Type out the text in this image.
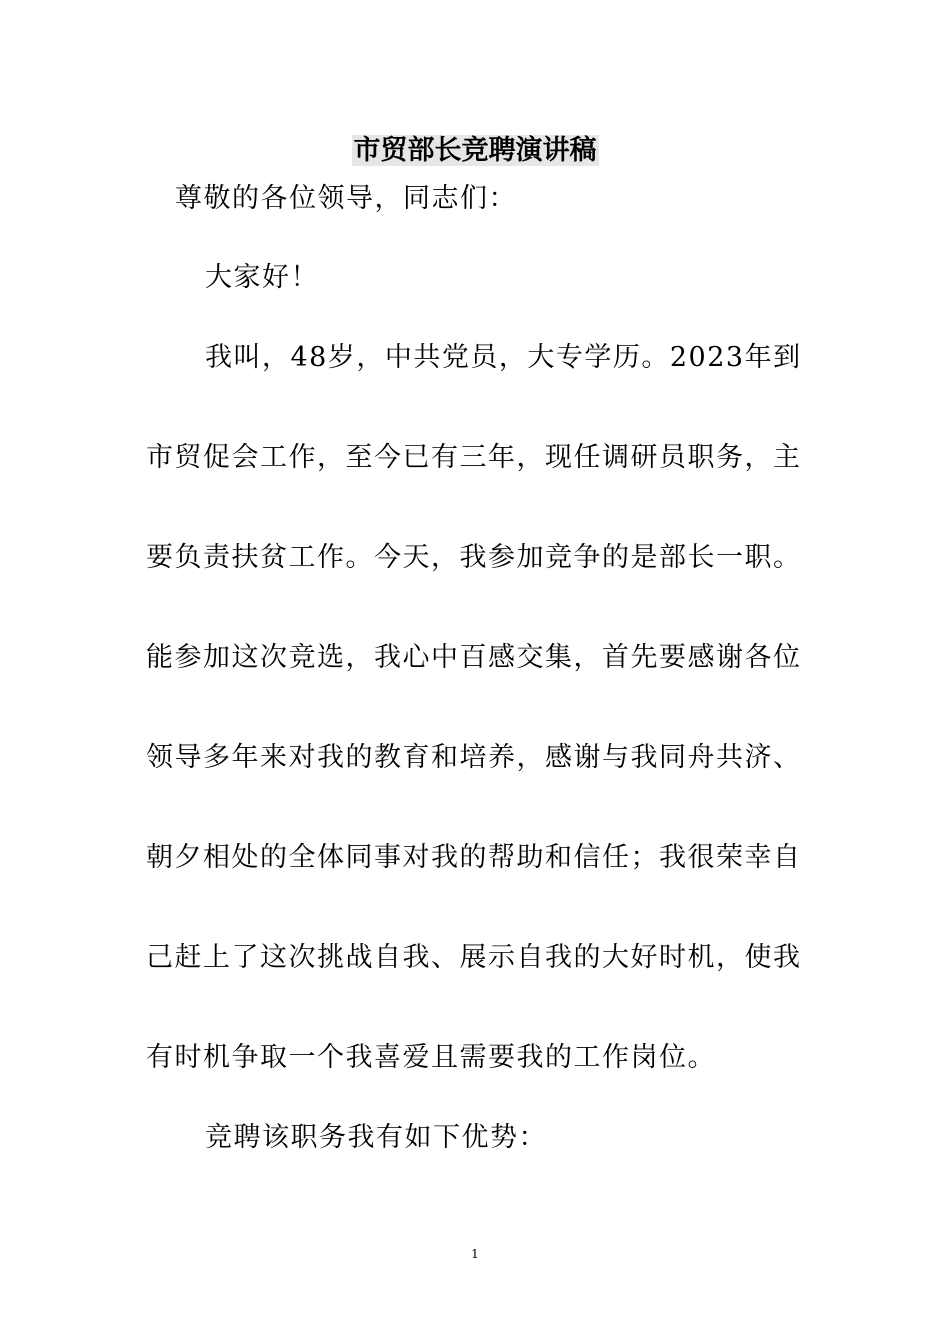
市贸部长竞聘演讲稿
尊敬的各位领导，同志们：
大家好！
我叫，48岁，中共党员，大专学历。2023年到
市贸促会工作，至今已有三年，现任调研员职务，主
要负责扶贫工作。今天，我参加竞争的是部长一职。
能参加这次竞选，我心中百感交集，首先要感谢各位
领导多年来对我的教育和培养，感谢与我同舟共济、
朝夕相处的全体同事对我的帮助和信任；我很荣幸自
己赶上了这次挑战自我、展示自我的大好时机，使我
有时机争取一个我喜爱且需要我的工作岗位。
竞聘该职务我有如下优势：
1
